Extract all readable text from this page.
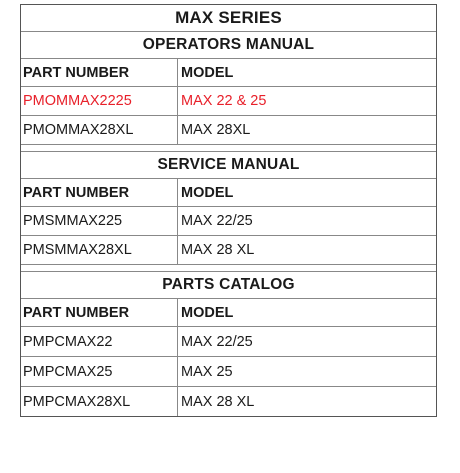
MAX SERIES
OPERATORS MANUAL
PART NUMBER	MODEL
PMOMMAX2225	MAX 22 & 25
PMOMMAX28XL	MAX 28XL
SERVICE MANUAL
PART NUMBER	MODEL
PMSMMAX225	MAX 22/25
PMSMMAX28XL	MAX 28 XL
PARTS CATALOG
PART NUMBER	MODEL
PMPCMAX22	MAX 22/25
PMPCMAX25	MAX 25
PMPCMAX28XL	MAX 28 XL
